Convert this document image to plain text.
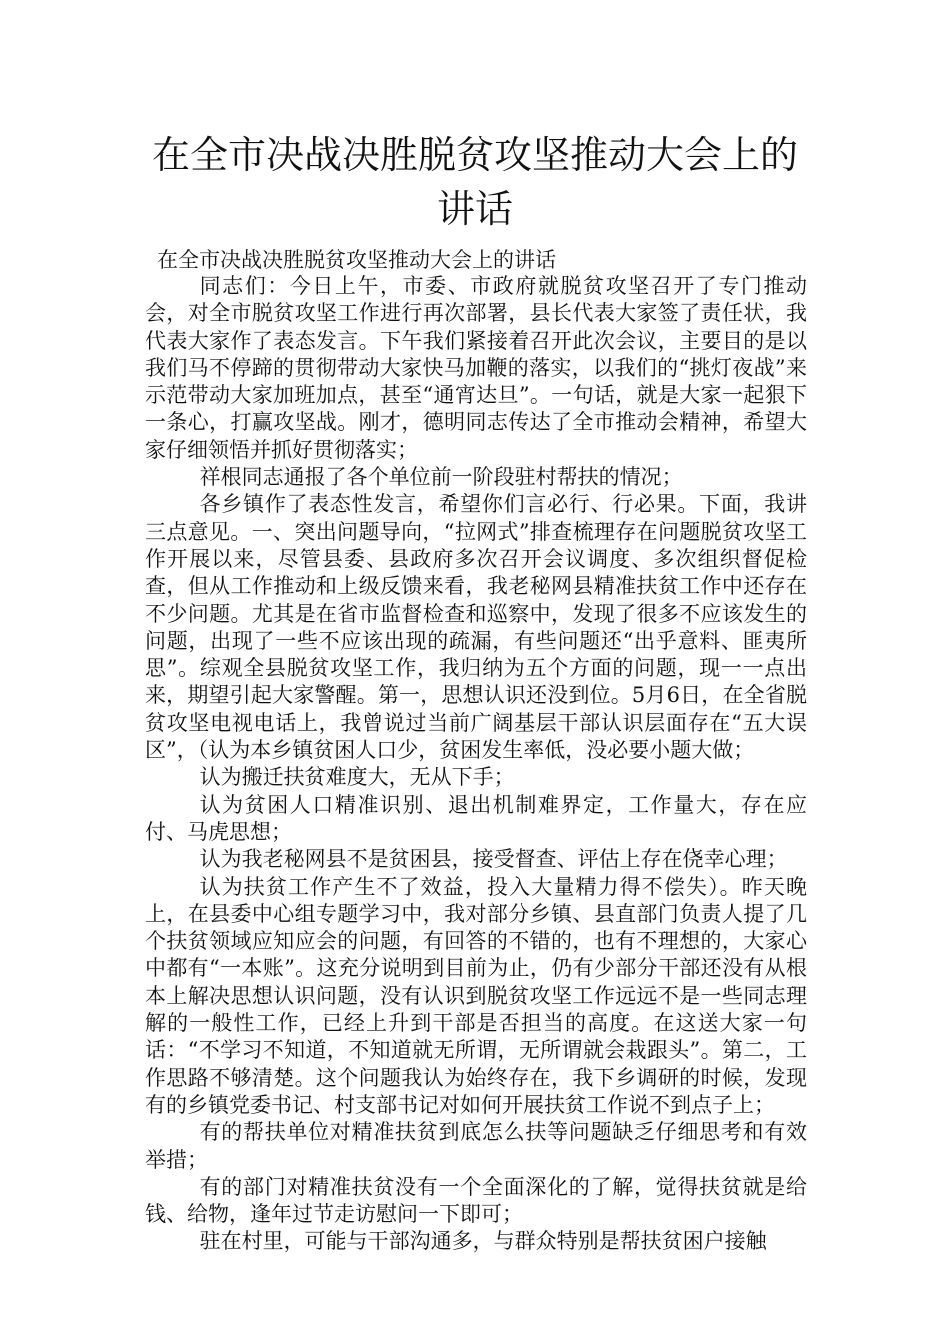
在全市决战决胜脱贫攻坚推动大会上的讲话
在全市决战决胜脱贫攻坚推动大会上的讲话

同志们：今日上午，市委、市政府就脱贫攻坚召开了专门推动会，对全市脱贫攻坚工作进行再次部署，县长代表大家签了责任状，我代表大家作了表态发言。下午我们紧接着召开此次会议，主要目的是以我们马不停蹄的贯彻带动大家快马加鞭的落实，以我们的“挑灯夜战”来示范带动大家加班加点，甚至“通宵达旦”。一句话，就是大家一起狠下一条心，打赢攻坚战。刚才，德明同志传达了全市推动会精神，希望大家仔细领悟并抓好贯彻落实；

祥根同志通报了各个单位前一阶段驻村帮扶的情况；

各乡镇作了表态性发言，希望你们言必行、行必果。下面，我讲三点意见。一、突出问题导向，“拉网式”排查梳理存在问题脱贫攻坚工作开展以来，尽管县委、县政府多次召开会议调度、多次组织督促检查，但从工作推动和上级反馈来看，我老秘网县精准扶贫工作中还存在不少问题。尤其是在省市监督检查和巡察中，发现了很多不应该发生的问题，出现了一些不应该出现的疏漏，有些问题还“出乎意料、匪夷所思”。综观全县脱贫攻坚工作，我归纳为五个方面的问题，现一一点出来，期望引起大家警醒。第一，思想认识还没到位。5月6日，在全省脱贫攻坚电视电话上，我曾说过当前广阔基层干部认识层面存在“五大误区”，（认为本乡镇贫困人口少，贫困发生率低，没必要小题大做；

认为搬迁扶贫难度大，无从下手；

认为贫困人口精准识别、退出机制难界定，工作量大，存在应付、马虎思想；

认为我老秘网县不是贫困县，接受督查、评估上存在侥幸心理；

认为扶贫工作产生不了效益，投入大量精力得不偿失）。昨天晚上，在县委中心组专题学习中，我对部分乡镇、县直部门负责人提了几个扶贫领域应知应会的问题，有回答的不错的，也有不理想的，大家心中都有“一本账”。这充分说明到目前为止，仍有少部分干部还没有从根本上解决思想认识问题，没有认识到脱贫攻坚工作远远不是一些同志理解的一般性工作，已经上升到干部是否担当的高度。在这送大家一句话：“不学习不知道，不知道就无所谓，无所谓就会栽跟头”。第二，工作思路不够清楚。这个问题我认为始终存在，我下乡调研的时候，发现有的乡镇党委书记、村支部书记对如何开展扶贫工作说不到点子上；

有的帮扶单位对精准扶贫到底怎么扶等问题缺乏仔细思考和有效举措；

有的部门对精准扶贫没有一个全面深化的了解，觉得扶贫就是给钱、给物，逢年过节走访慰问一下即可；

驻在村里，可能与干部沟通多，与群众特别是帮扶贫困户接触
